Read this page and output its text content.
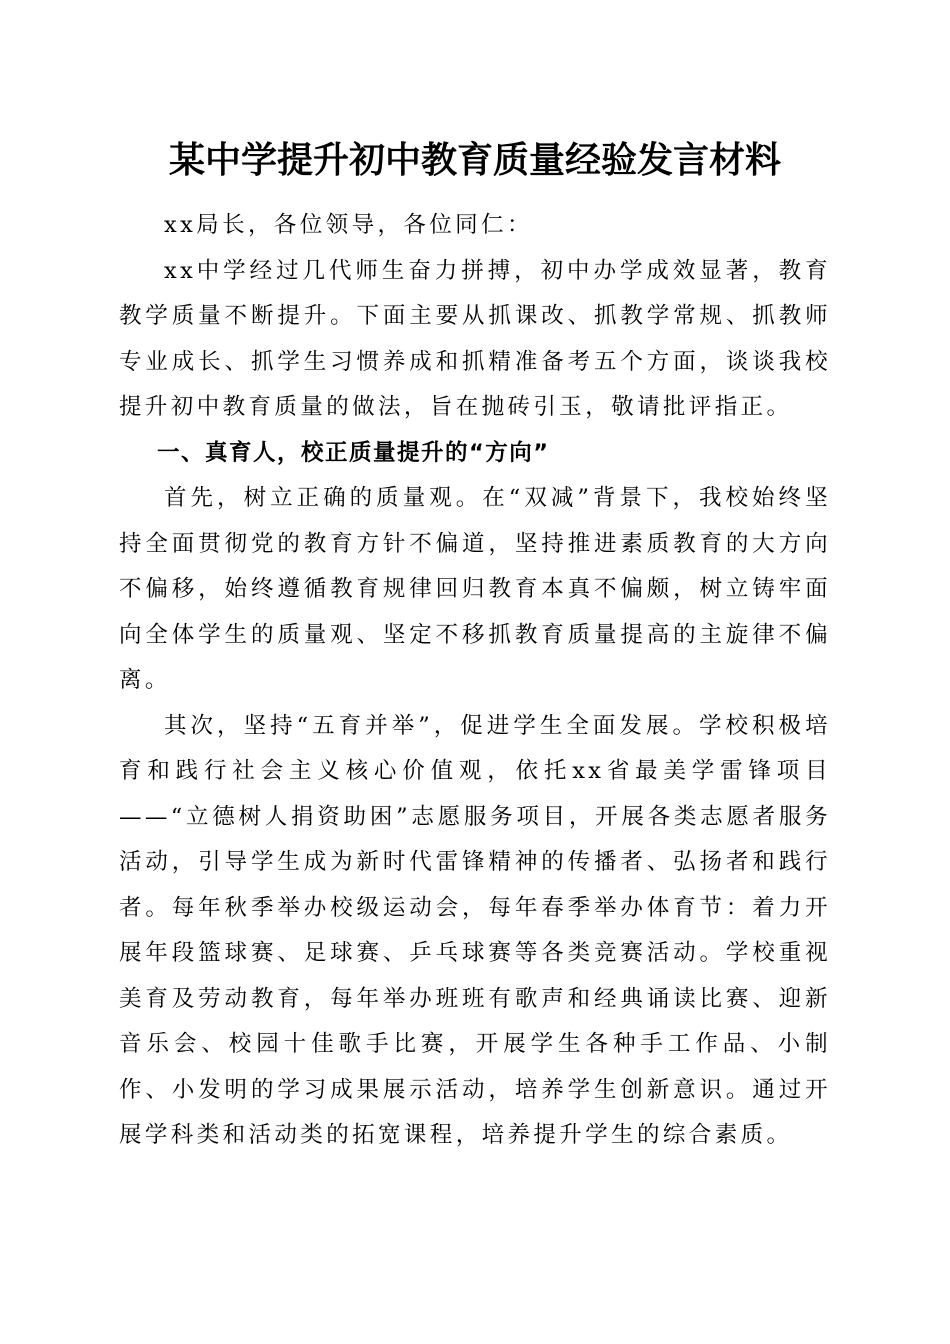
某中学提升初中教育质量经验发言材料

xx局长，各位领导，各位同仁：

xx中学经过几代师生奋力拼搏，初中办学成效显著，教育教学质量不断提升。下面主要从抓课改、抓教学常规、抓教师专业成长、抓学生习惯养成和抓精准备考五个方面，谈谈我校提升初中教育质量的做法，旨在抛砖引玉，敬请批评指正。

一、真育人，校正质量提升的“方向”

首先，树立正确的质量观。在“双减”背景下，我校始终坚持全面贯彻党的教育方针不偏道，坚持推进素质教育的大方向不偏移，始终遵循教育规律回归教育本真不偏颇，树立铸牢面向全体学生的质量观、坚定不移抓教育质量提高的主旋律不偏离。

其次，坚持“五育并举”，促进学生全面发展。学校积极培育和践行社会主义核心价值观，依托xx省最美学雷锋项目——“立德树人捐资助困”志愿服务项目，开展各类志愿者服务活动，引导学生成为新时代雷锋精神的传播者、弘扬者和践行者。每年秋季举办校级运动会，每年春季举办体育节：着力开展年段篮球赛、足球赛、乒乓球赛等各类竞赛活动。学校重视美育及劳动教育，每年举办班班有歌声和经典诵读比赛、迎新音乐会、校园十佳歌手比赛，开展学生各种手工作品、小制作、小发明的学习成果展示活动，培养学生创新意识。通过开展学科类和活动类的拓宽课程，培养提升学生的综合素质。
